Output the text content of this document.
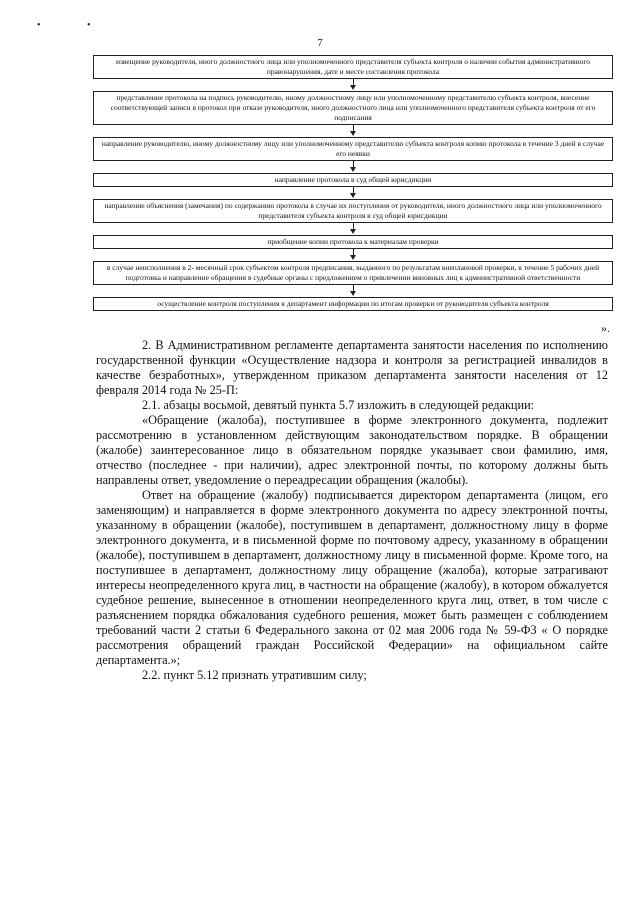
• •
7
извещение руководителя, иного должностного лица или уполномоченного представителя субъекта контроля о наличии события административного правонарушения, дате и месте составления протокола
представление протокола на подпись руководителю, иному должностному лицу или уполномоченному представителю субъекта контроля, внесение соответствующей записи в протокол при отказе руководителя, иного должностного лица или уполномоченного представителя субъекта контроля от его подписания
направление руководителю, иному должностному лицу или уполномоченному представителю субъекта контроля копию протокола в течение 3 дней в случае его неявки
направление протокола в суд общей юрисдикции
направление объяснения (замечания) по содержанию протокола в случае их поступления от руководителя, иного должностного лица или уполномоченного представителя субъекта контроля в суд общей юрисдикции
приобщение копии протокола к материалам проверки
в случае неисполнения в 2- месячный срок субъектом контроля предписания, выданного по результатам внеплановой проверки, в течение 5 рабочих дней подготовка и направление обращения в судебные органы с предложением о привлечении виновных лиц к административной ответственности
осуществление контроля поступления в департамент информации по итогам проверки от руководителя субъекта контроля
».

2. В Административном регламенте департамента занятости населения по исполнению государственной функции «Осуществление надзора и контроля за регистрацией инвалидов в качестве безработных», утвержденном приказом департамента занятости населения от 12 февраля 2014 года № 25-П:

2.1. абзацы восьмой, девятый пункта 5.7 изложить в следующей редакции:

«Обращение (жалоба), поступившее в форме электронного документа, подлежит рассмотрению в установленном действующим законодательством порядке. В обращении (жалобе) заинтересованное лицо в обязательном порядке указывает свои фамилию, имя, отчество (последнее - при наличии), адрес электронной почты, по которому должны быть направлены ответ, уведомление о переадресации обращения (жалобы).

Ответ на обращение (жалобу) подписывается директором департамента (лицом, его заменяющим) и направляется в форме электронного документа по адресу электронной почты, указанному в обращении (жалобе), поступившем в департамент, должностному лицу в форме электронного документа, и в письменной форме по почтовому адресу, указанному в обращении (жалобе), поступившем в департамент, должностному лицу в письменной форме. Кроме того, на поступившее в департамент, должностному лицу обращение (жалоба), которые затрагивают интересы неопределенного круга лиц, в частности на обращение (жалобу), в котором обжалуется судебное решение, вынесенное в отношении неопределенного круга лиц, ответ, в том числе с разъяснением порядка обжалования судебного решения, может быть размещен с соблюдением требований части 2 статьи 6 Федерального закона от 02 мая 2006 года № 59-ФЗ « О порядке рассмотрения обращений граждан Российской Федерации» на официальном сайте департамента.»;

2.2. пункт 5.12 признать утратившим силу;
